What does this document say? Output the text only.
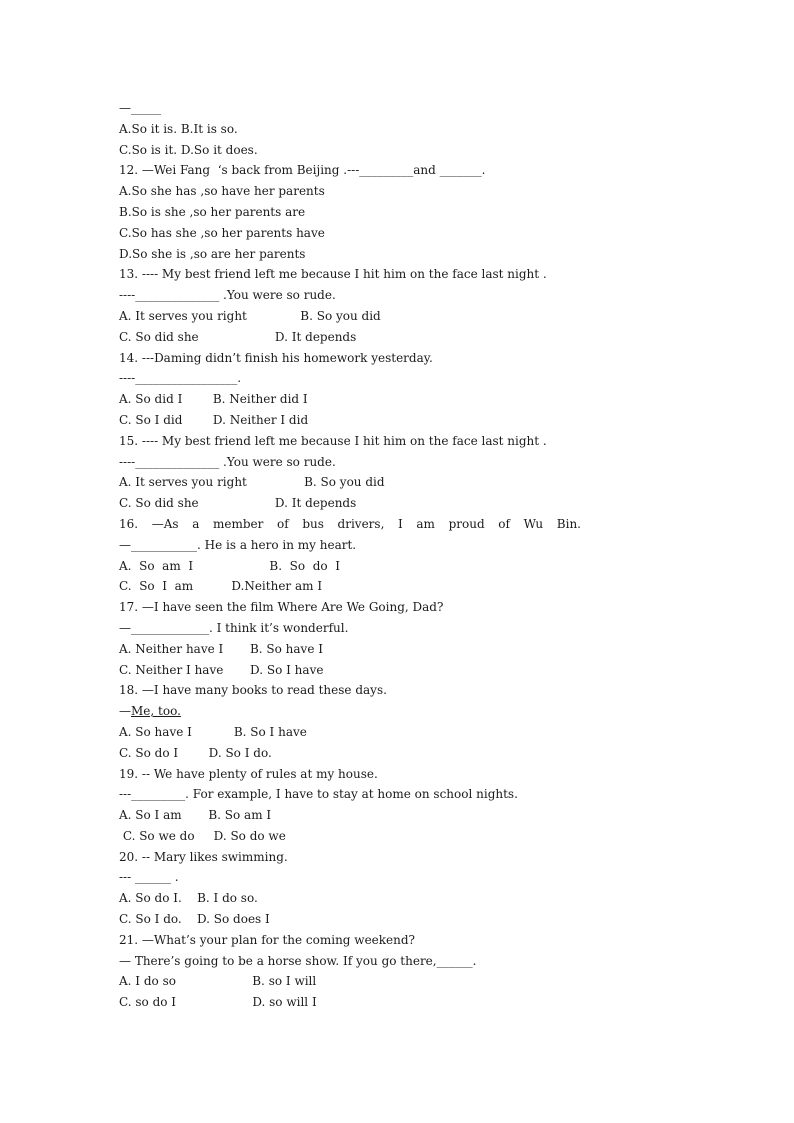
—_____
A.So it is. B.It is so.
C.So is it. D.So it does.
12. —Wei Fang  ‘s back from Beijing .---_________and _______.
A.So she has ,so have her parents
B.So is she ,so her parents are
C.So has she ,so her parents have
D.So she is ,so are her parents
13. ---- My best friend left me because I hit him on the face last night .
----______________ .You were so rude.
A. It serves you right              B. So you did
C. So did she                    D. It depends
14. ---Daming didn’t finish his homework yesterday.
----_________________.
A. So did I        B. Neither did I
C. So I did        D. Neither I did
15. ---- My best friend left me because I hit him on the face last night .
----______________ .You were so rude.
A. It serves you right               B. So you did
C. So did she                    D. It depends
16. —As a member of bus drivers, I am proud of Wu Bin.
—___________. He is a hero in my heart.
A.  So  am  I                    B.  So  do  I
C.  So  I  am          D.Neither am I
17. —I have seen the film Where Are We Going, Dad?
—_____________. I think it’s wonderful.
A. Neither have I       B. So have I
C. Neither I have       D. So I have
18. —I have many books to read these days.
—Me, too.
A. So have I           B. So I have
C. So do I        D. So I do.
19. -- We have plenty of rules at my house.
---_________. For example, I have to stay at home on school nights.
A. So I am       B. So am I
C. So we do     D. So do we
20. -- Mary likes swimming.
--- ______ .
A. So do I.    B. I do so.
C. So I do.    D. So does I
21. —What’s your plan for the coming weekend?
— There’s going to be a horse show. If you go there,______.
A. I do so                    B. so I will
C. so do I                    D. so will I
